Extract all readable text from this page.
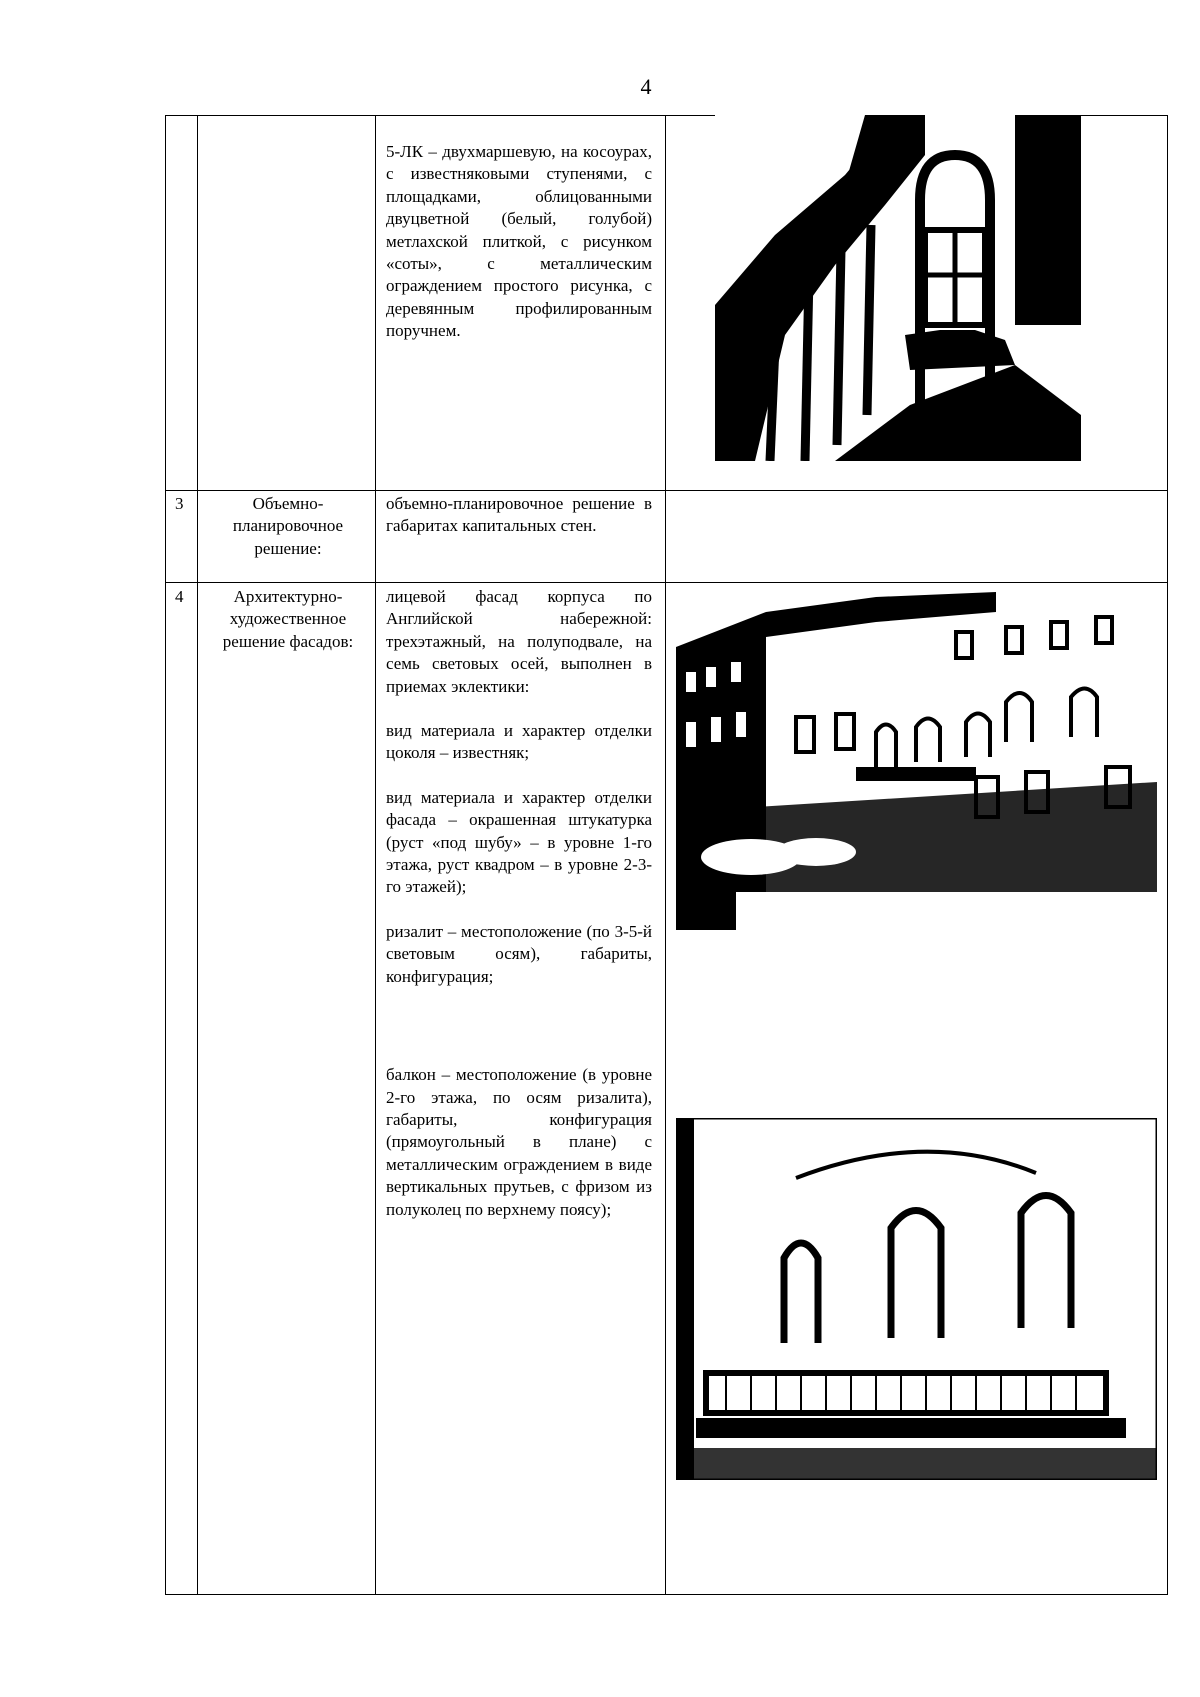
4

5-ЛК – двухмаршевую, на косоурах, с известняковыми ступенями, с площадками, облицованными двуцветной (белый, голубой) метлахской плиткой, с рисунком «соты», с металлическим ограждением простого рисунка, с деревянным профилированным поручнем.

3	Объемно-планировочное решение:

объемно-планировочное решение в габаритах капитальных стен.

4	Архитектурно-художественное решение фасадов:

лицевой фасад корпуса по Английской набережной: трехэтажный, на полуподвале, на семь световых осей, выполнен в приемах эклектики:

вид материала и характер отделки цоколя – известняк;

вид материала и характер отделки фасада – окрашенная штукатурка (руст «под шубу» – в уровне 1-го этажа, руст квадром – в уровне 2-3-го этажей);

ризалит – местоположение (по 3-5-й световым осям), габариты, конфигурация;

балкон – местоположение (в уровне 2-го этажа, по осям ризалита), габариты, конфигурация (прямоугольный в плане) с металлическим ограждением в виде вертикальных прутьев, с фризом из полуколец по верхнему поясу);
